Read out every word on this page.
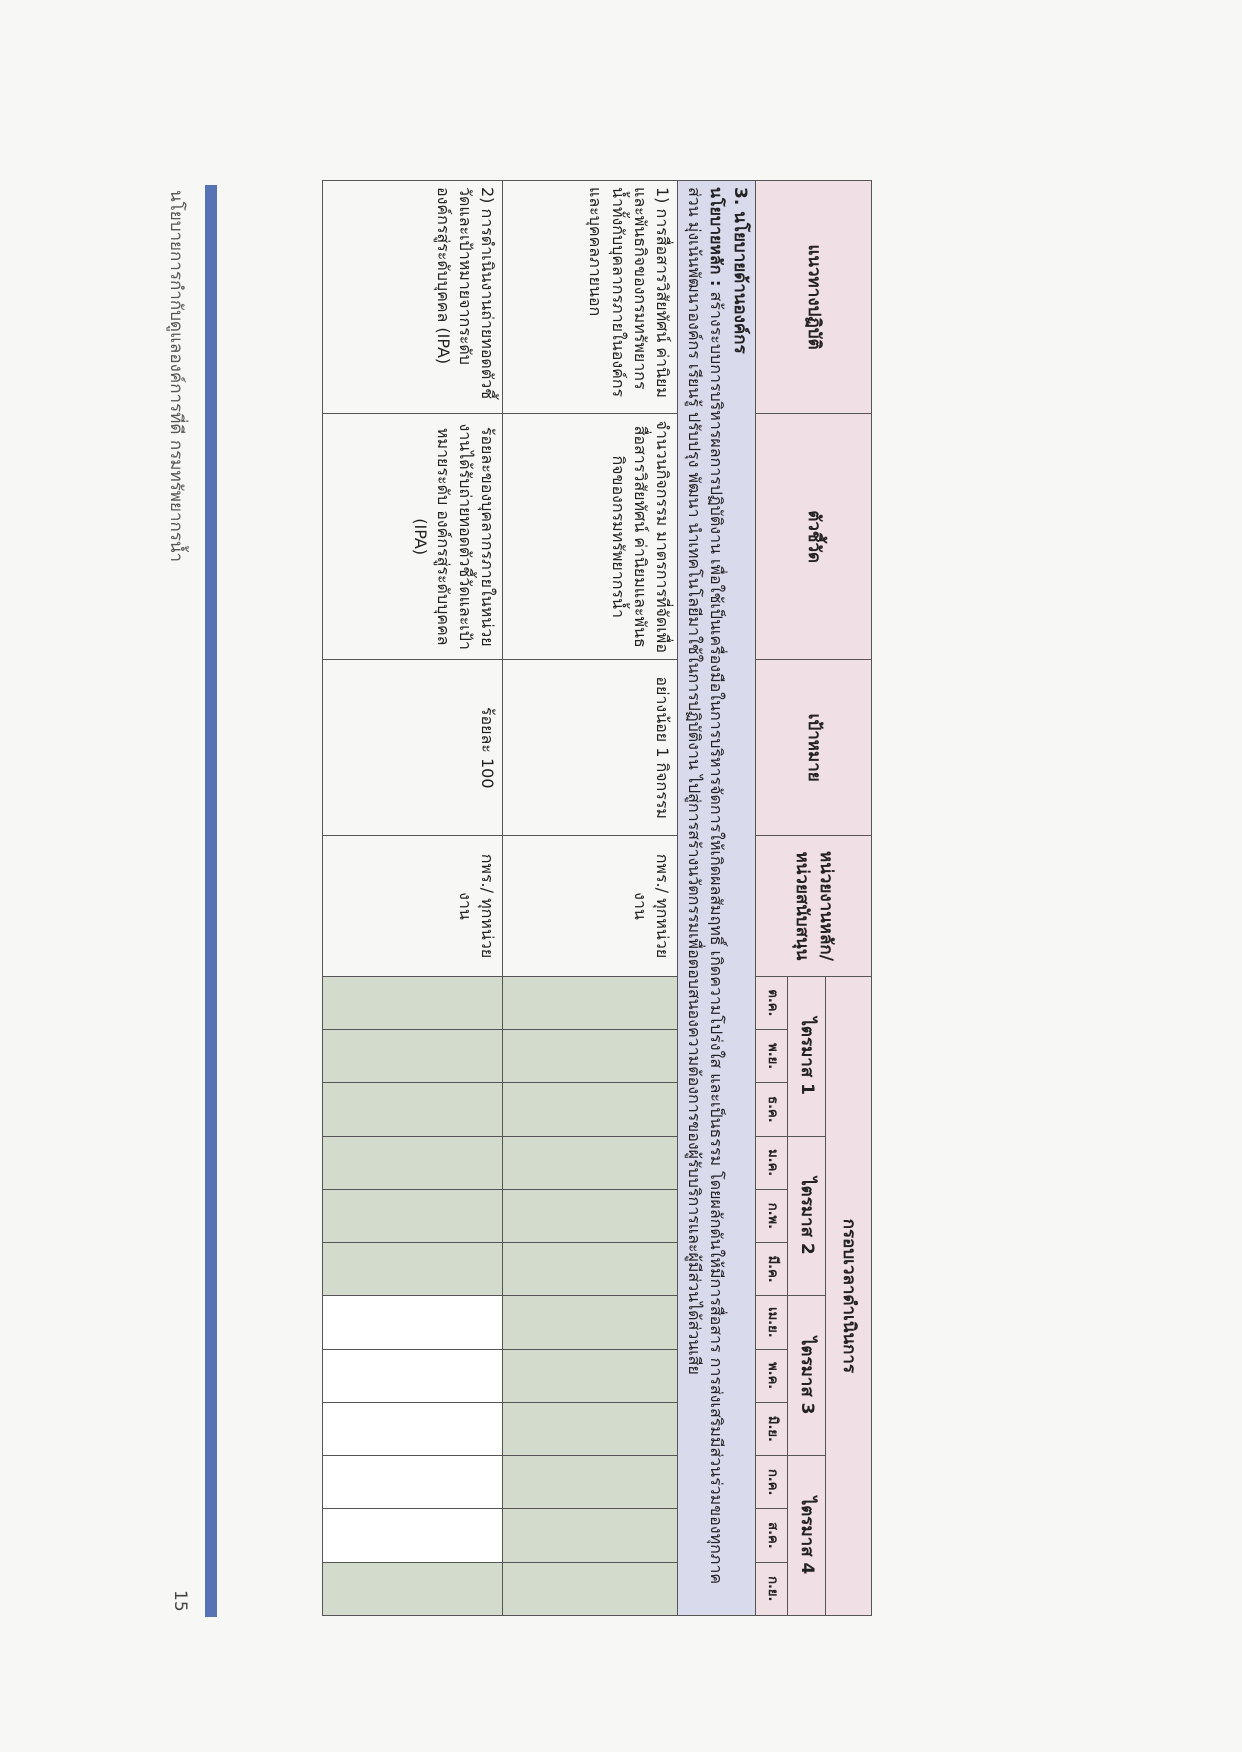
แนวทางปฏิบัติ	ตัวชี้วัด	เป้าหมาย	หน่วยงานหลัก/ หน่วยสนับสนุน	กรอบเวลาดำเนินการ											
				ไตรมาส 1			ไตรมาส 2			ไตรมาส 3			ไตรมาส 4		
				ต.ค.	พ.ย.	ธ.ค.	ม.ค.	ก.พ.	มี.ค.	เม.ย.	พ.ค.	มิ.ย.	ก.ค.	ส.ค.	ก.ย.

3. นโยบายด้านองค์กร
นโยบายหลัก : สร้างระบบการบริหารผลการปฏิบัติงาน เพื่อใช้เป็นเครื่องมือในการบริหารจัดการให้เกิดผลสัมฤทธิ์ เกิดความโปร่งใส และเป็นธรรม โดยผลักดันให้มีการสื่อสาร การส่งเสริมมีส่วนร่วมของทุกภาคส่วน มุ่งเน้นพัฒนาองค์กร เรียนรู้ ปรับปรุง พัฒนา นำเทคโนโลยีมาใช้ในการปฏิบัติงาน ไปสู่การสร้างนวัตกรรมเพื่อตอบสนองความต้องการของผู้รับบริการและผู้มีส่วนได้ส่วนเสีย															

1) การสื่อสารวิสัยทัศน์ ค่านิยมและพันธกิจของกรมทรัพยากรน้ำทั้งกับบุคลากรภายในองค์กรและบุคคลภายนอก	จำนวนกิจกรรม มาตรการที่จัดเพื่อสื่อสารวิสัยทัศน์ ค่านิยมและพันธกิจของกรมทรัพยากรน้ำ	อย่างน้อย 1 กิจกรรม	กพร./ ทุกหน่วยงาน												
2) การดำเนินงานถ่ายทอดตัวชี้วัดและเป้าหมายจากระดับองค์กรสู่ระดับบุคคล (IPA)	ร้อยละของบุคลากรภายในหน่วยงานได้รับถ่ายทอดตัวชี้วัดและเป้าหมายระดับ องค์กรสู่ระดับบุคคล (IPA)	ร้อยละ 100	กพร./ ทุกหน่วยงาน												
นโยบายการกำกับดูแลองค์การที่ดี กรมทรัพยากรน้ำ
15
